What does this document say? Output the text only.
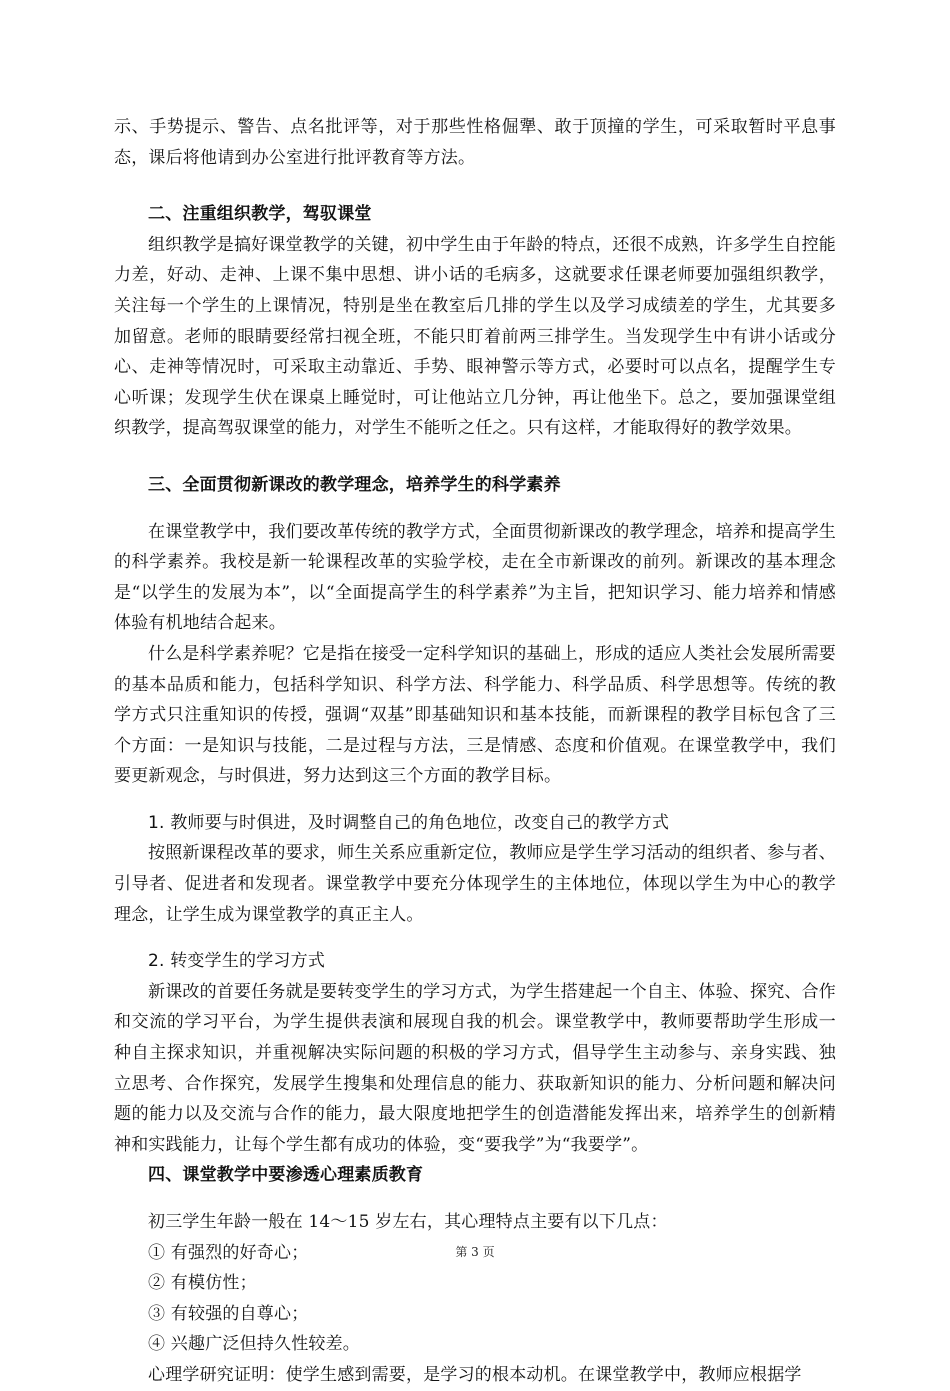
示、手势提示、警告、点名批评等，对于那些性格倔犟、敢于顶撞的学生，可采取暂时平息事态，课后将他请到办公室进行批评教育等方法。

二、注重组织教学，驾驭课堂

组织教学是搞好课堂教学的关键，初中学生由于年龄的特点，还很不成熟，许多学生自控能力差，好动、走神、上课不集中思想、讲小话的毛病多，这就要求任课老师要加强组织教学，关注每一个学生的上课情况，特别是坐在教室后几排的学生以及学习成绩差的学生，尤其要多加留意。老师的眼睛要经常扫视全班，不能只盯着前两三排学生。当发现学生中有讲小话或分心、走神等情况时，可采取主动靠近、手势、眼神警示等方式，必要时可以点名，提醒学生专心听课；发现学生伏在课桌上睡觉时，可让他站立几分钟，再让他坐下。总之，要加强课堂组织教学，提高驾驭课堂的能力，对学生不能听之任之。只有这样，才能取得好的教学效果。

三、全面贯彻新课改的教学理念，培养学生的科学素养

在课堂教学中，我们要改革传统的教学方式，全面贯彻新课改的教学理念，培养和提高学生的科学素养。我校是新一轮课程改革的实验学校，走在全市新课改的前列。新课改的基本理念是“以学生的发展为本”，以“全面提高学生的科学素养”为主旨，把知识学习、能力培养和情感体验有机地结合起来。

什么是科学素养呢？它是指在接受一定科学知识的基础上，形成的适应人类社会发展所需要的基本品质和能力，包括科学知识、科学方法、科学能力、科学品质、科学思想等。传统的教学方式只注重知识的传授，强调“双基”即基础知识和基本技能，而新课程的教学目标包含了三个方面：一是知识与技能，二是过程与方法，三是情感、态度和价值观。在课堂教学中，我们要更新观念，与时俱进，努力达到这三个方面的教学目标。

1. 教师要与时俱进，及时调整自己的角色地位，改变自己的教学方式

按照新课程改革的要求，师生关系应重新定位，教师应是学生学习活动的组织者、参与者、引导者、促进者和发现者。课堂教学中要充分体现学生的主体地位，体现以学生为中心的教学理念，让学生成为课堂教学的真正主人。

2. 转变学生的学习方式

新课改的首要任务就是要转变学生的学习方式，为学生搭建起一个自主、体验、探究、合作和交流的学习平台，为学生提供表演和展现自我的机会。课堂教学中，教师要帮助学生形成一种自主探求知识，并重视解决实际问题的积极的学习方式，倡导学生主动参与、亲身实践、独立思考、合作探究，发展学生搜集和处理信息的能力、获取新知识的能力、分析问题和解决问题的能力以及交流与合作的能力，最大限度地把学生的创造潜能发挥出来，培养学生的创新精神和实践能力，让每个学生都有成功的体验，变“要我学”为“我要学”。

四、课堂教学中要渗透心理素质教育

初三学生年龄一般在 14～15 岁左右，其心理特点主要有以下几点：

① 有强烈的好奇心；

② 有模仿性；

③ 有较强的自尊心；

④ 兴趣广泛但持久性较差。

心理学研究证明：使学生感到需要，是学习的根本动机。在课堂教学中，教师应根据学

第 3 页
